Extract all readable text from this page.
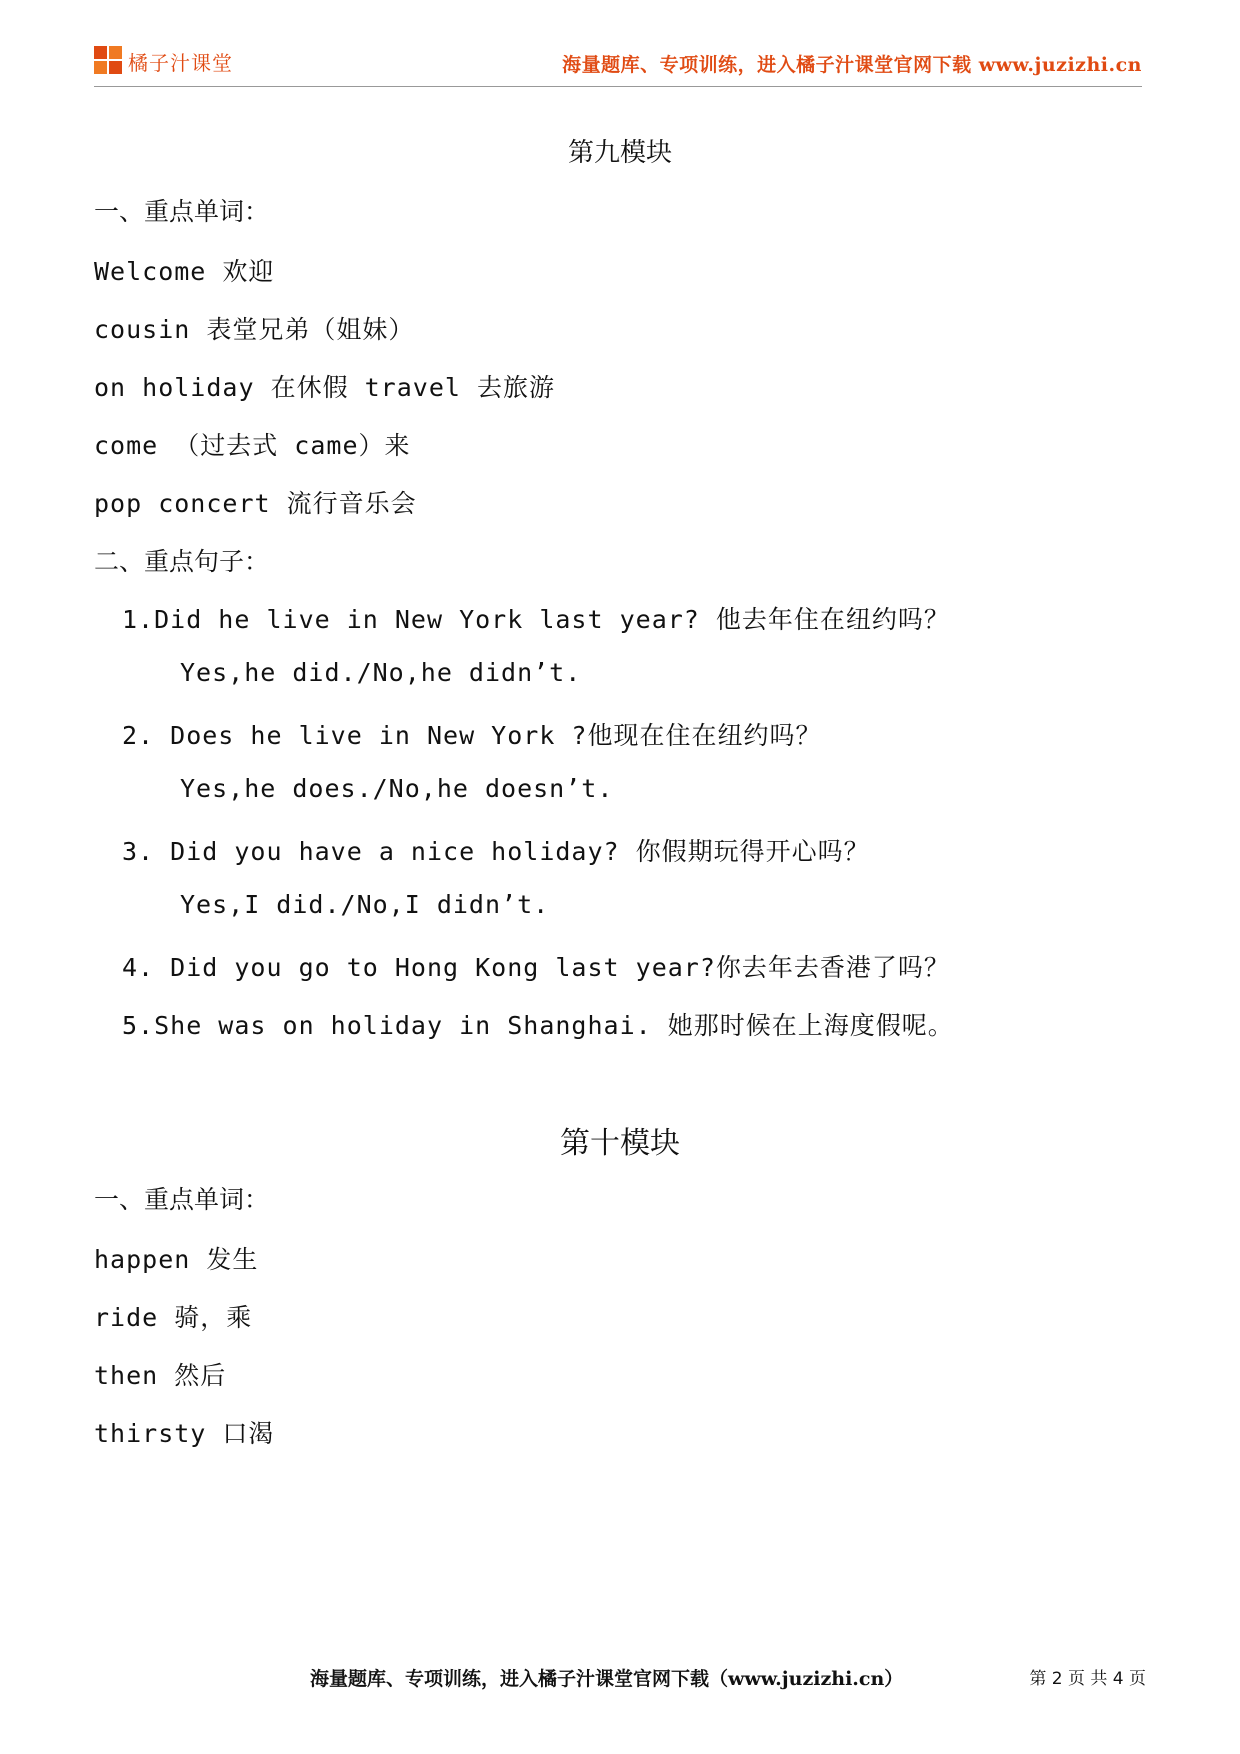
橘子汁课堂	海量题库、专项训练，进入橘子汁课堂官网下载 www.juzizhi.cn
第九模块
一、重点单词：
Welcome 欢迎
cousin 表堂兄弟（姐妹）
on holiday 在休假 travel 去旅游
come （过去式 came）来
pop concert 流行音乐会
二、重点句子：
1.Did he live in New York last year? 他去年住在纽约吗？
Yes,he did./No,he didn’t.
2. Does he live in New York ?他现在住在纽约吗？
Yes,he does./No,he doesn’t.
3. Did you have a nice holiday? 你假期玩得开心吗？
Yes,I did./No,I didn’t.
4. Did you go to Hong Kong last year?你去年去香港了吗？
5.She was on holiday in Shanghai. 她那时候在上海度假呢。
第十模块
一、重点单词：
happen 发生
ride 骑，乘
then 然后
thirsty 口渴
海量题库、专项训练，进入橘子汁课堂官网下载（www.juzizhi.cn）	第 2 页 共 4 页
